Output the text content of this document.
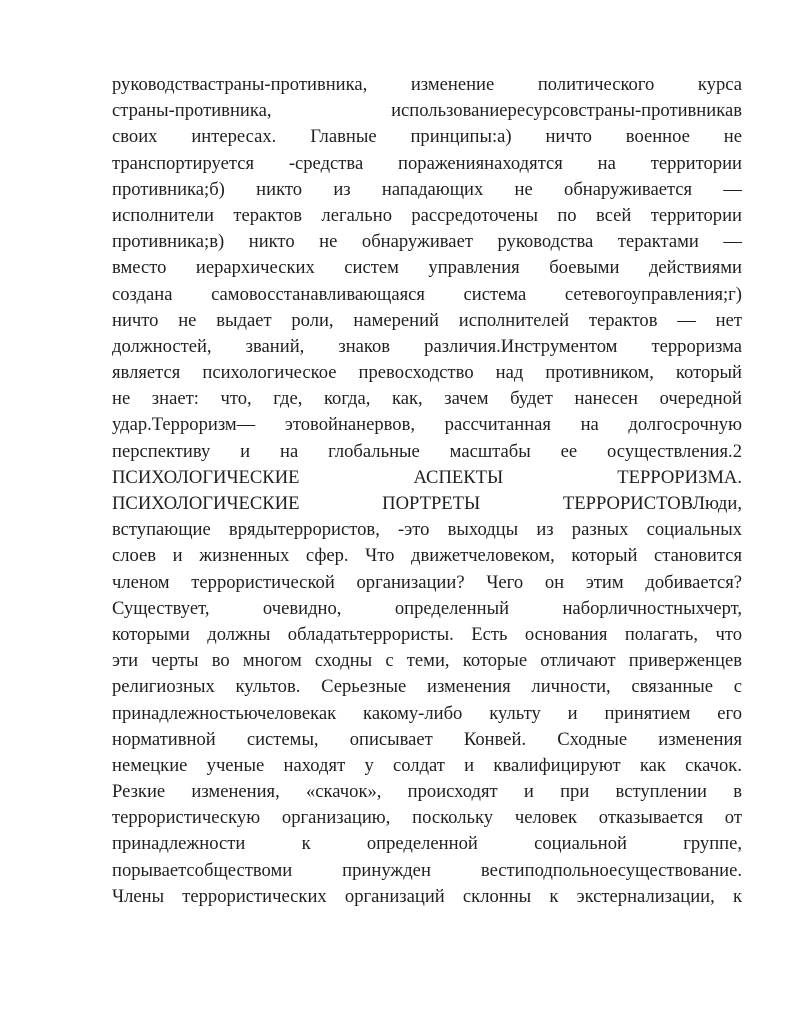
руководствастраны-противника, изменение политического курса
страны-противника, использованиересурсовстраны-противникав
своих интересах. Главные принципы:а) ничто военное не
транспортируется -средства поражениянаходятся на территории
противника;б) никто из нападающих не обнаруживается —
исполнители терактов легально рассредоточены по всей территории
противника;в) никто не обнаруживает руководства терактами —
вместо иерархических систем управления боевыми действиями
создана самовосстанавливающаяся система сетевогоуправления;г)
ничто не выдает роли, намерений исполнителей терактов — нет
должностей, званий, знаков различия.Инструментом терроризма
является психологическое превосходство над противником, который
не знает: что, где, когда, как, зачем будет нанесен очередной
удар.Терроризм— этовойнанервов, рассчитанная на долгосрочную
перспективу и на глобальные масштабы ее осуществления.2
ПСИХОЛОГИЧЕСКИЕ АСПЕКТЫ ТЕРРОРИЗМА.
ПСИХОЛОГИЧЕСКИЕ ПОРТРЕТЫ ТЕРРОРИСТОВЛюди,
вступающие врядытеррористов, -это выходцы из разных социальных
слоев и жизненных сфер. Что движетчеловеком, который становится
членом террористической организации? Чего он этим добивается?
Существует, очевидно, определенный наборличностныхчерт,
которыми должны обладатьтеррористы. Есть основания полагать, что
эти черты во многом сходны с теми, которые отличают приверженцев
религиозных культов. Серьезные изменения личности, связанные с
принадлежностьючеловекак какому-либо культу и принятием его
нормативной системы, описывает Конвей. Сходные изменения
немецкие ученые находят у солдат и квалифицируют как скачок.
Резкие изменения, «скачок», происходят и при вступлении в
террористическую организацию, поскольку человек отказывается от
принадлежности к определенной социальной группе,
порываетсобществоми принужден вестиподпольноесуществование.
Члены террористических организаций склонны к экстернализации, к
